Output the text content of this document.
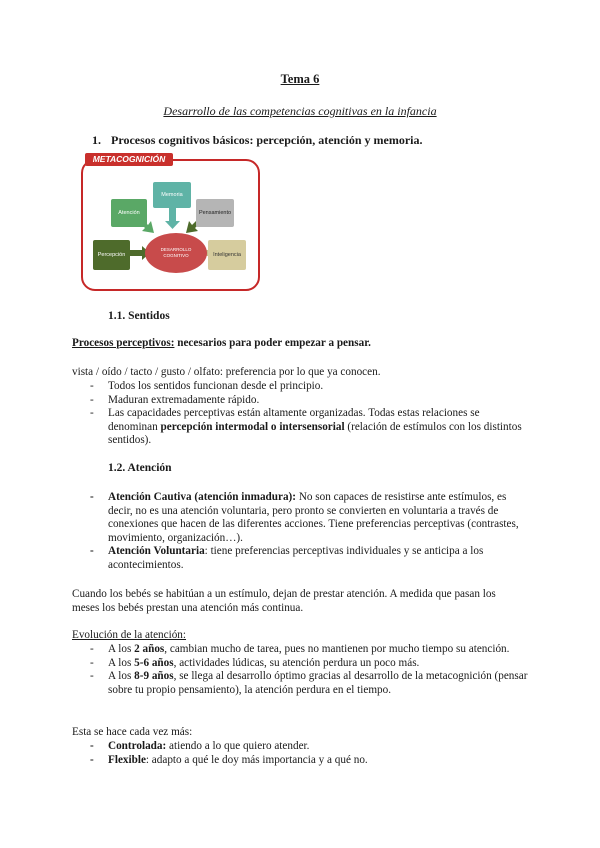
Tema 6
Desarrollo de las competencias cognitivas en la infancia
1. Procesos cognitivos básicos: percepción, atención y memoria.
METACOGNICIÓN
Memoria
Atención	Pensamiento
Percepción
DESARROLLO COGNITIVO	Inteligencia
1.1. Sentidos
Procesos perceptivos: necesarios para poder empezar a pensar.
vista / oído / tacto / gusto / olfato: preferencia por lo que ya conocen.
- Todos los sentidos funcionan desde el principio.
- Maduran extremadamente rápido.
- Las capacidades perceptivas están altamente organizadas. Todas estas relaciones se denominan percepción intermodal o intersensorial (relación de estímulos con los distintos sentidos).
1.2. Atención
- Atención Cautiva (atención inmadura): No son capaces de resistirse ante estímulos, es decir, no es una atención voluntaria, pero pronto se convierten en voluntaria a través de conexiones que hacen de las diferentes acciones. Tiene preferencias perceptivas (contrastes, movimiento, organización…).
- Atención Voluntaria: tiene preferencias perceptivas individuales y se anticipa a los acontecimientos.
Cuando los bebés se habitúan a un estímulo, dejan de prestar atención. A medida que pasan los meses los bebés prestan una atención más continua.
Evolución de la atención:
- A los 2 años, cambian mucho de tarea, pues no mantienen por mucho tiempo su atención.
- A los 5-6 años, actividades lúdicas, su atención perdura un poco más.
- A los 8-9 años, se llega al desarrollo óptimo gracias al desarrollo de la metacognición (pensar sobre tu propio pensamiento), la atención perdura en el tiempo.
Esta se hace cada vez más:
- Controlada: atiendo a lo que quiero atender.
- Flexible: adapto a qué le doy más importancia y a qué no.
